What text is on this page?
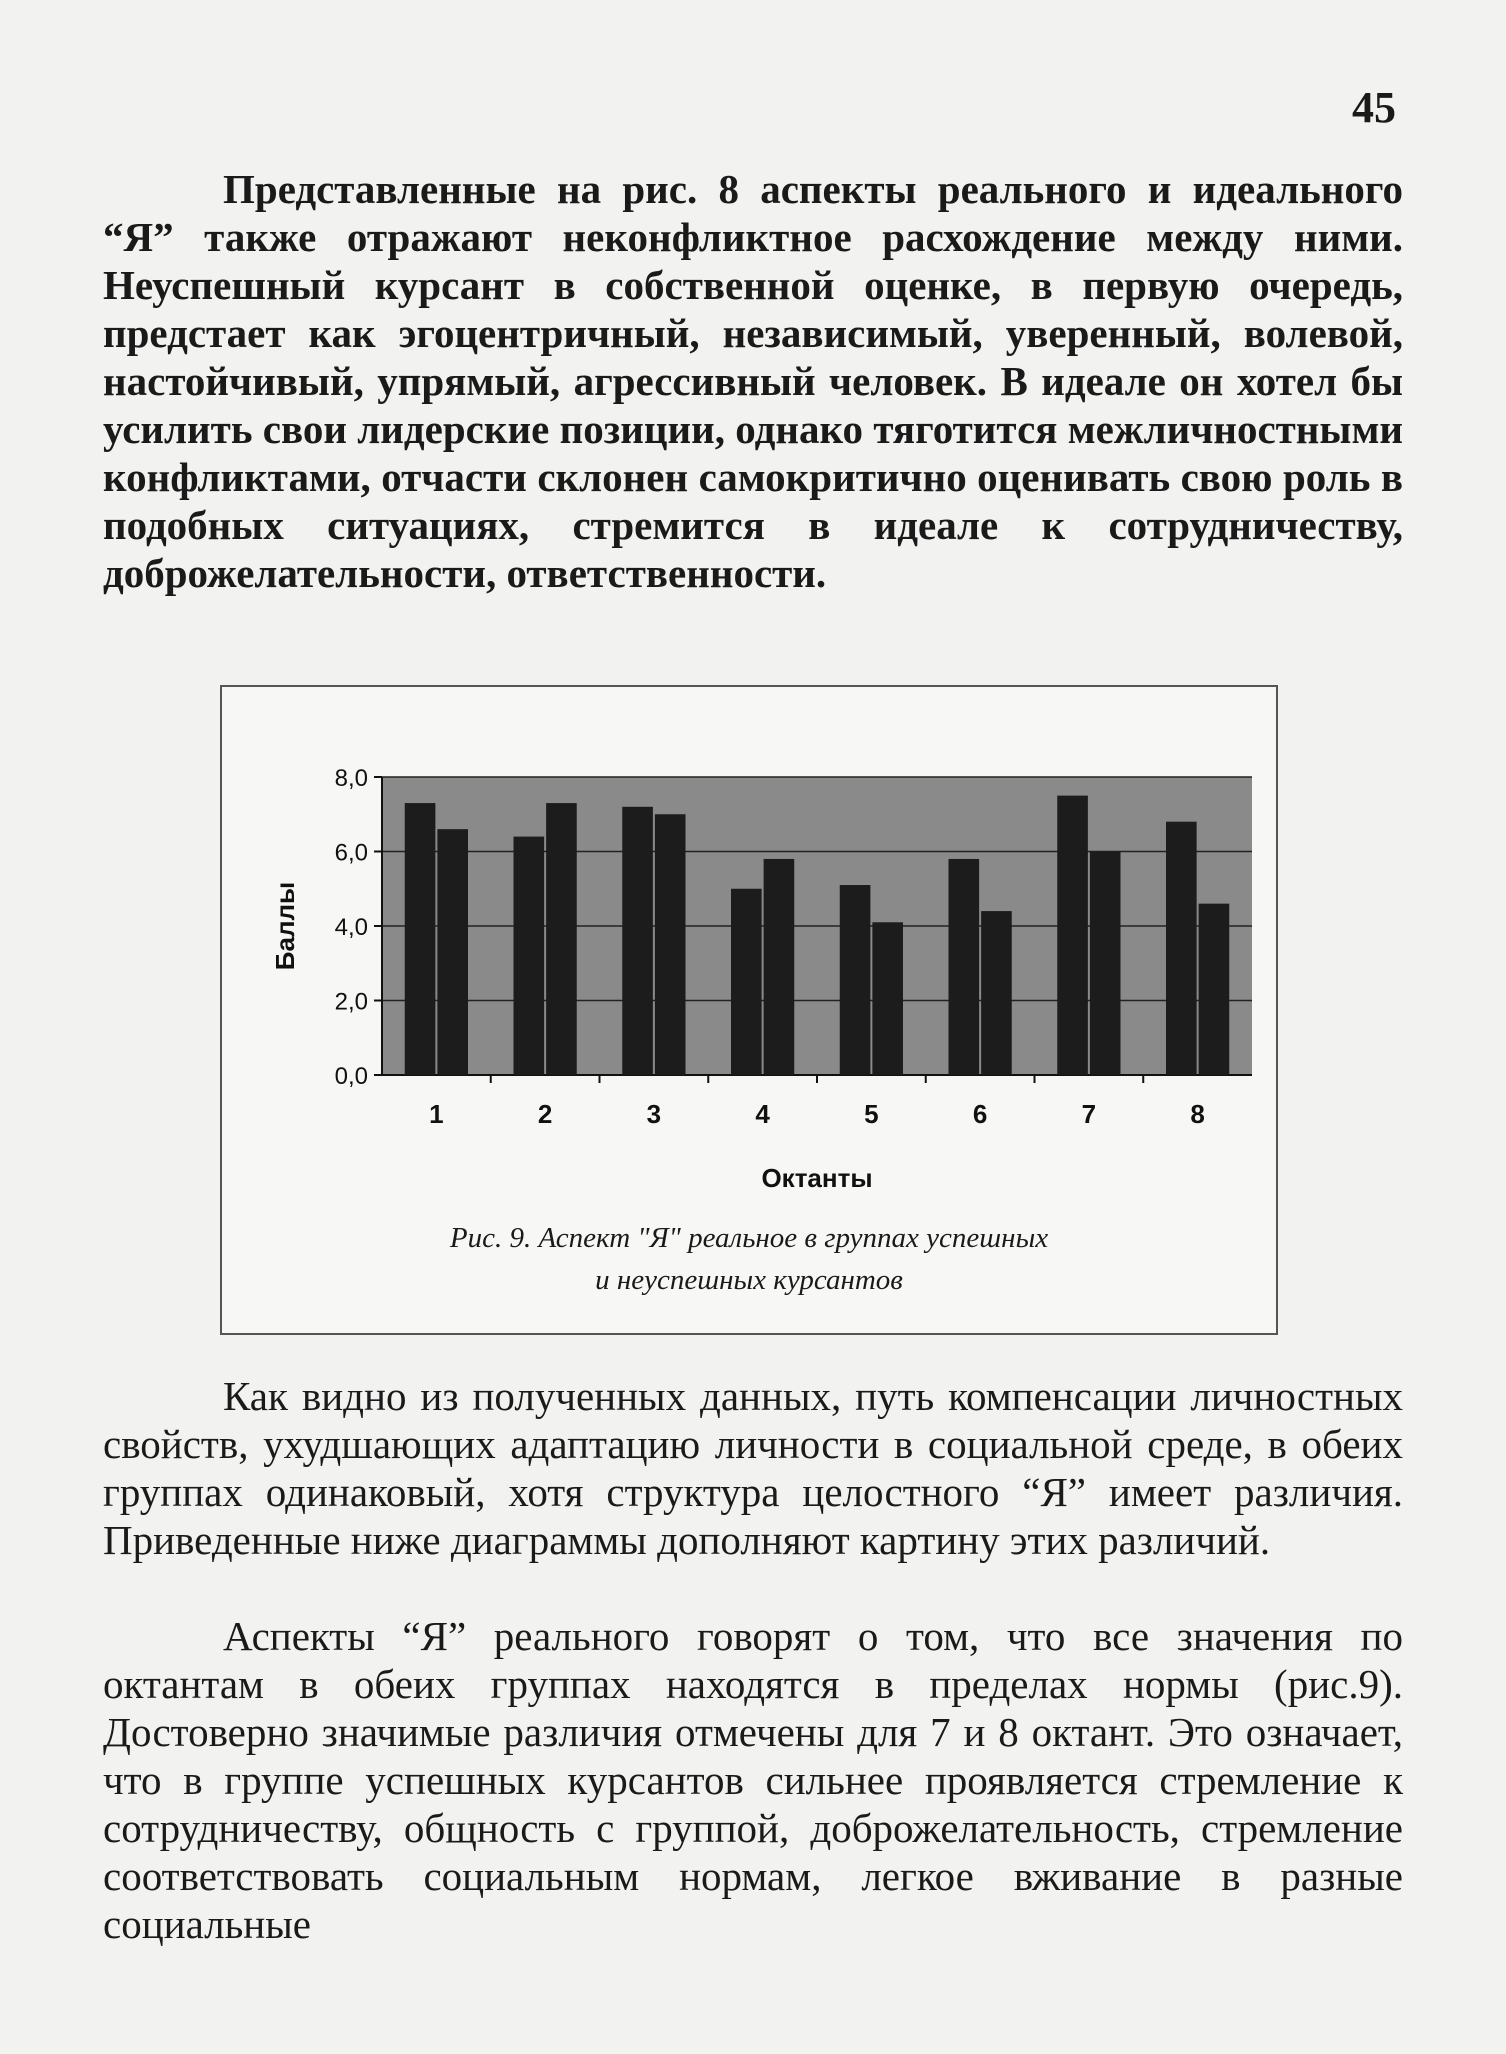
45

Представленные на рис. 8 аспекты реального и идеального “Я” также отражают неконфликтное расхождение между ними. Неуспешный курсант в собственной оценке, в первую очередь, предстает как эгоцентричный, независимый, уверенный, волевой, настойчивый, упрямый, агрессивный человек. В идеале он хотел бы усилить свои лидерские позиции, однако тяготится межличностными конфликтами, отчасти склонен самокритично оценивать свою роль в подобных ситуациях, стремится в идеале к сотрудничеству, доброжелательности, ответственности.

0,0
2,0
4,0
6,0
8,0
1	2	3	4	5	6	7	8
Октанты
Баллы
Рис. 9. Аспект "Я" реальное в группах успешных
и неуспешных курсантов

Как видно из полученных данных, путь компенсации личностных свойств, ухудшающих адаптацию личности в социальной среде, в обеих группах одинаковый, хотя структура целостного “Я” имеет различия. Приведенные ниже диаграммы дополняют картину этих различий.

Аспекты “Я” реального говорят о том, что все значения по октантам в обеих группах находятся в пределах нормы (рис.9). Достоверно значимые различия отмечены для 7 и 8 октант. Это означает, что в группе успешных курсантов сильнее проявляется стремление к сотрудничеству, общность с группой, доброжелательность, стремление соответствовать социальным нормам, легкое вживание в разные социальные
